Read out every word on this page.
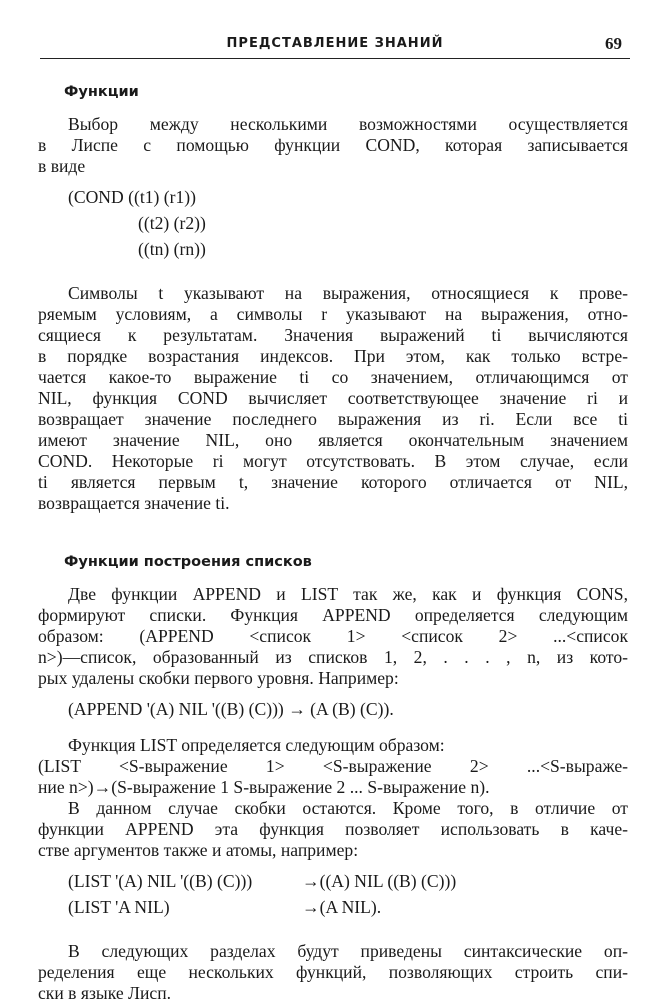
ПРЕДСТАВЛЕНИЕ ЗНАНИЙ	69
Функции
Выбор между несколькими возможностями осуществляется
в Лиспе с помощью функции COND, которая записывается
в виде
(COND ((t1) (r1))
((t2) (r2))
((tn) (rn))
Символы t указывают на выражения, относящиеся к прове-
ряемым условиям, а символы r указывают на выражения, отно-
сящиеся к результатам. Значения выражений ti вычисляются
в порядке возрастания индексов. При этом, как только встре-
чается какое-то выражение ti со значением, отличающимся от
NIL, функция COND вычисляет соответствующее значение ri и
возвращает значение последнего выражения из ri. Если все ti
имеют значение NIL, оно является окончательным значением
COND. Некоторые ri могут отсутствовать. В этом случае, если
ti является первым t, значение которого отличается от NIL,
возвращается значение ti.
Функции построения списков
Две функции APPEND и LIST так же, как и функция CONS,
формируют списки. Функция APPEND определяется следующим
образом: (APPEND <список 1> <список 2> ...<список
n>)—список, образованный из списков 1, 2, . . . , n, из кото-
рых удалены скобки первого уровня. Например:
(APPEND '(A) NIL '((B) (C))) → (A (B) (C)).
Функция LIST определяется следующим образом:
(LIST <S-выражение 1> <S-выражение 2> ...<S-выраже-
ние n>)→(S-выражение 1 S-выражение 2 ... S-выражение n).
В данном случае скобки остаются. Кроме того, в отличие от
функции APPEND эта функция позволяет использовать в каче-
стве аргументов также и атомы, например:
(LIST '(A) NIL '((B) (C)))	→((A) NIL ((B) (C)))
(LIST 'A NIL)	→(A NIL).
В следующих разделах будут приведены синтаксические оп-
ределения еще нескольких функций, позволяющих строить спи-
ски в языке Лисп.
